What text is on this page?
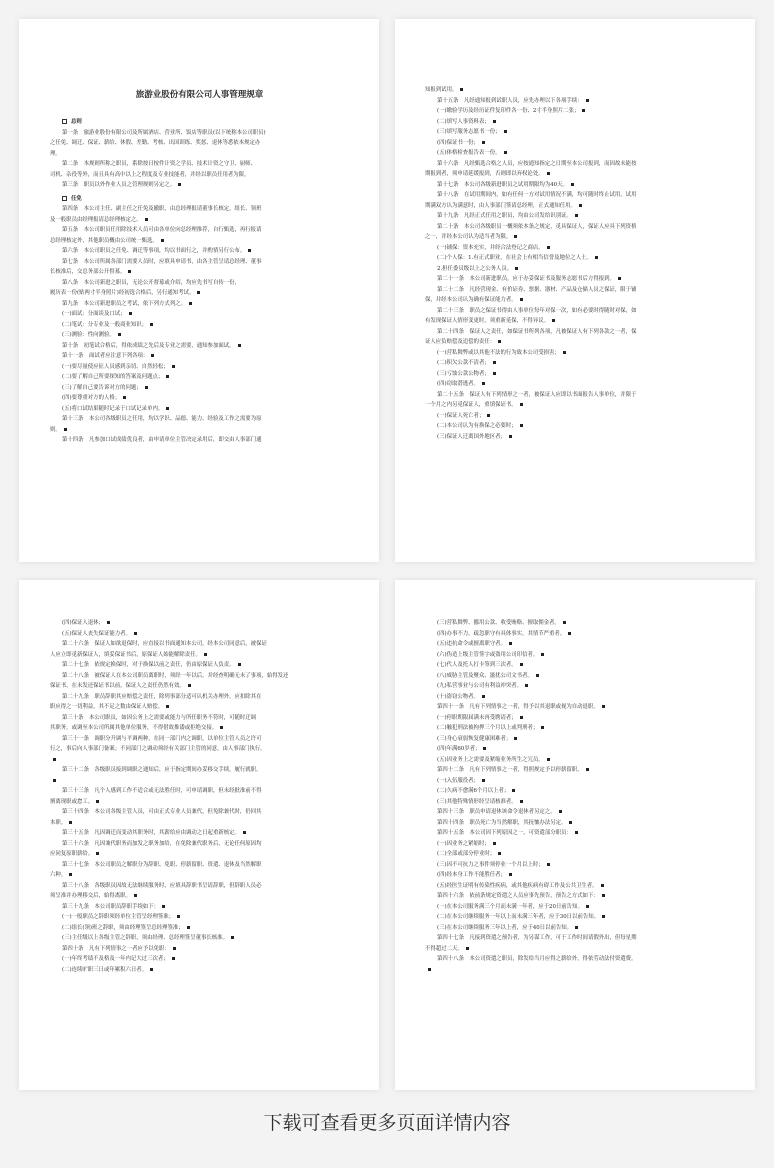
旅游业股份有限公司人事管理规章
总则
第一条　旅游业股份有限公司及所属酒店、营业所、饭店等职员(以下统称本公司职员)
之任免、调迁、保证、薪给、休假、差勤、考核、出国训练、奖惩、退休等悉依本规定办
理。
第二条　本规则所称之职员，系除按日按件计资之学员、技术计资之守卫、厨师、
司机、杂役等外，而且具有高中以上之程度及专业技能者，并经以职员任用者为限。
第三条　职员以外作业人员之管理规则另定之。
任免
第四条　本公司主任、副主任之任免及撤职，由总经理报请董事长核定，组长、领班
及一般职员由经理报请总经理核定之。
第五条　本公司职员任用除技术人员可由各单位向总经理推荐，自行甄选，再行报请
总经理核定外，其他职员概由公司统一甄选。
第六条　本公司职员之任免、调迁等事项，均以书面行之，并酌情另行公布。
第七条　本公司所属各部门需要人员时，应填具申请书，由各主管呈请总经理、董事
长核准后，交总务部公开督募。
第八条　本公司新进之职员，无论公开督募或介绍，均应先书写自传一份，
履历表一份(贴两寸半身照片)经初选合格后，另行通知考试。
第九条　本公司新进职员之考试，依下列方式列之。
(一)面试：分面谈及口试；
(二)笔试：分专业及一般商业知识；
(三)测验：性向测验。
第十条　初笔试合格后，得依成绩之先后及专业之需要，通知参加面试。
第十一条　面试者应注意下列各项：
(一)要尽量使应征人员感到亲切、自然轻松；
(二)要了解自己所要探知的答案及问题点；
(三)了解自己要告诉对方的问题；
(四)要尊重对方的人格；
(五)将口试结果随时记录于口试记录单内。
第十三条　本公司各级职员之任用，均以学识、品德、能力、经验及工作之需要为原
则。
第十四条　凡参加口试成绩优良者，由申请单位主管决定录用后，即交由人事部门通
知报到试用。
第十五条　凡经通知报到试职人员，应先办理以下各项手续：
(一)缴验学历及经历证件复印件各一份、2寸半身照片二张；
(二)填写人事资料表；
(三)填写服务志愿书一份；
(四)保证书一份；
(五)体格检查报告表一份。
第十六条　凡经甄选合格之人员，应按通知指定之日期至本公司报到，而因故未能按
期报到者，须申请延缓报到，否则即以弃权论处。
第十七条　本公司各级新进职员之试用期限均为40天。
第十八条　在试用期间内，如有任何一方对试用情况不满，均可随时终止试用，试用
期满双方认为满意时，由人事部门签请总经理，正式通知任用。
第十九条　凡经正式任用之职员，均由公司发给识别证。
第二十条　本公司各级职员一概须依本条之规定，觅具保证人，保证人应具下列资格
之一，并经本公司认为适当者为限。
(一)铺保：资本充实，并经合法登记之商店。
(二)个人保：1.有正式职业，在社会上有相当信誉及地位之人士。
2.担任委员级以上之公务人员。
第二十一条　本公司新进职员，应于办妥保证书及服务志愿书后方得报到。
第二十二条　凡经营现金、有价证券、票据、器材、产品及仓储人员之保证，限于铺
保，并经本公司认为确有保证能力者。
第二十三条　职员之保证书得由人事单位每年对保一次，如有必要时得随时对保，如
有发现保证人情形变更时，须重新觅保，不得异议。
第二十四条　保证人之责任，如保证书所列各项，凡被保证人有下列各款之一者，保
证人应负赔偿及追偿的责任：
(一)营私舞弊或以其他不法的行为致本公司受损害；
(二)积欠公款不清者；
(三)亏蚀公款公物者；
(四)窃取潜逃者。
第二十五条　保证人有下列情形之一者，被保证人应即以书面报告人事单位，并限于
一个月之内另觅保证人，重填保证书。
(一)保证人死亡者；
(二)本公司认为有换保之必要时；
(三)保证人迁离国外地区者；
(四)保证人退休；
(五)保证人丧失保证能力者。
第二十六条　保证人如欲退保时，应直接以书面通知本公司，经本公司同意后，被保证
人应立即觅新保证人，填妥保证书后，原保证人始能解除责任。
第二十七条　依规定换保时，对于换保以前之责任，仍由原保证人负责。
第二十八条　被保证人在本公司职员离职时，须经一年以后，并经查明确无未了事项，始得发还
保证书，在未发还保证书以前，保证人之责任仍然有效。
第二十九条　职员辞职其应赔偿之责任，除列事部分适可认机关办理外，应扣除其在
职应得之一切利益，其不足之数由保证人赔偿。
第三十条　本公司职员，如因公务上之需要或能力与所任职务不符时，可随时迁调
其职务，或调至本公司所属其他单位服务，不得借故推诿或拒绝交接。
第三十一条　调职分升调与平调两种，在同一部门内之调职，以单位主管人员之许可
行之，事后向人事部门备案；不同部门之调动须经有关部门主管的同意，由人事部门执行。
第三十二条　各级职员接到调职之通知后，应于指定期间办妥移交手续，履行就职。
第三十三条　凡个人感到工作不适合或无法胜任时，可申请调职，但未经批准前不得
擅离现职或怠工。
第三十四条　本公司各级主管人员，可由正式专业人员兼代，但免除兼代时，仍回其
本职。
第三十五条　凡因调迁而变动其职务时，其薪给应由调动之日起重新核定。
第三十六条　凡因兼代职务而加发之职务加给，在免除兼代职务后，无论任何原因均
应同复原职薪给。
第三十七条　本公司职员之解职分为辞职、免职、停薪留职、资遣、退休及当然解职
六种。
第三十八条　各级职员因故无法继续服务时，应填具辞职书呈请辞职，但辞职人员必
须呈准并办理移交后，始得离职。
第三十九条　本公司职员辞职手续如下：
(一)一般职员之辞职须经单位主管呈经理签准；
(二)组长(领)班之辞职，须由经理签呈总经理签准；
(三)主任级以上各级主管之辞职，须由经理、总经理签呈董事长核准。
第四十条　凡有下列情事之一者应予以免职：
(一)年终考绩不及格及一年内记大过三次者；
(二)连续旷职三日或年累积六日者。
(三)营私舞弊、挪用公款、收受贿赂、擅取佣金者。
(四)办事不力，疏忽职守有具体事实，其情节严重者。
(五)违抗命令或擅离职守者。
(六)伪造上级主管签字或盗用公司印信者。
(七)代人及托人打卡签到三次者。
(八)威胁主管及聚众、滋扰公司文书者。
(九)私营事业与公司有利益冲突者。
(十)盗窃公物者。
第四十一条　凡有下列情事之一者，得予以其退职或视为自动退职。
(一)停职期限届满未再受聘请者；
(二)触犯刑法被拘押三个月以上或判刑者；
(三)身心衰弱恢复健康困难者；
(四)年满60岁者；
(五)因业务上之需要及紧缩业务所生之冗员。
第四十二条　凡有下列情事之一者，得照规定予以停薪留职。
(一)入伍服役者；
(二)久病不愈满6个月以上者；
(三)其他特殊情形经呈请核准者。
第四十三条　职员申请退休该命令退休者另定之。
第四十四条　职员死亡为当然解职，其抚恤办法另定。
第四十五条　本公司因下列原因之一，可资遣部分职员：
(一)因业务之紧缩时；
(二)全部或部分停业时；
(三)因不可抗力之事件须停业一个月以上时；
(四)经本身工作不能胜任者；
(五)经医生证明有传染性疾病，或其他疾病有碍工作及公共卫生者。
第四十六条　依前条规定资遣之人员应事先预告，预告之方式如下：
(一)在本公司服务满三个月而未满一年者，应于20日前告知。
(二)在本公司继续服务一年以上而未满三年者，应于30日以前告知。
(三)在本公司继续服务三年以上者，应于40日以前告知。
第四十七条　凡接到资遣之预告者，为另谋工作，可于工作时间请假外出，但每星期
不得超过二天。
第四十八条　本公司资遣之职员，除发给当月应得之薪给外，得依劳动法付资遣费。
下载可查看更多页面详情内容
